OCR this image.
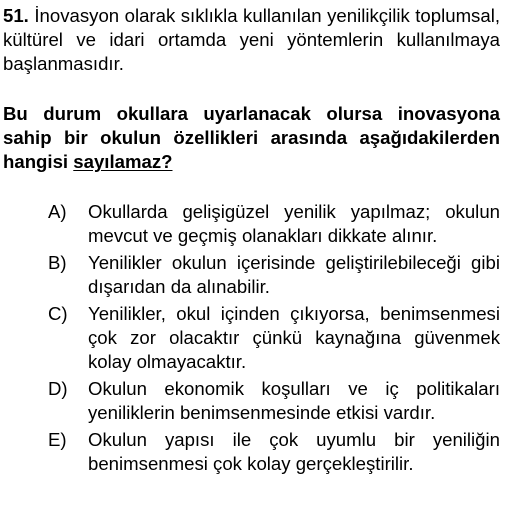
51. İnovasyon olarak sıklıkla kullanılan yenilikçilik toplumsal, kültürel ve idari ortamda yeni yöntemlerin kullanılmaya başlanmasıdır.
Bu durum okullara uyarlanacak olursa inovasyona sahip bir okulun özellikleri arasında aşağıdakilerden hangisi sayılamaz?
A)	Okullarda gelişigüzel yenilik yapılmaz; okulun mevcut ve geçmiş olanakları dikkate alınır.
B)	Yenilikler okulun içerisinde geliştirilebileceği gibi dışarıdan da alınabilir.
C)	Yenilikler, okul içinden çıkıyorsa, benimsenmesi çok zor olacaktır çünkü kaynağına güvenmek kolay olmayacaktır.
D)	Okulun ekonomik koşulları ve iç politikaları yeniliklerin benimsenmesinde etkisi vardır.
E)	Okulun yapısı ile çok uyumlu bir yeniliğin benimsenmesi çok kolay gerçekleştirilir.
